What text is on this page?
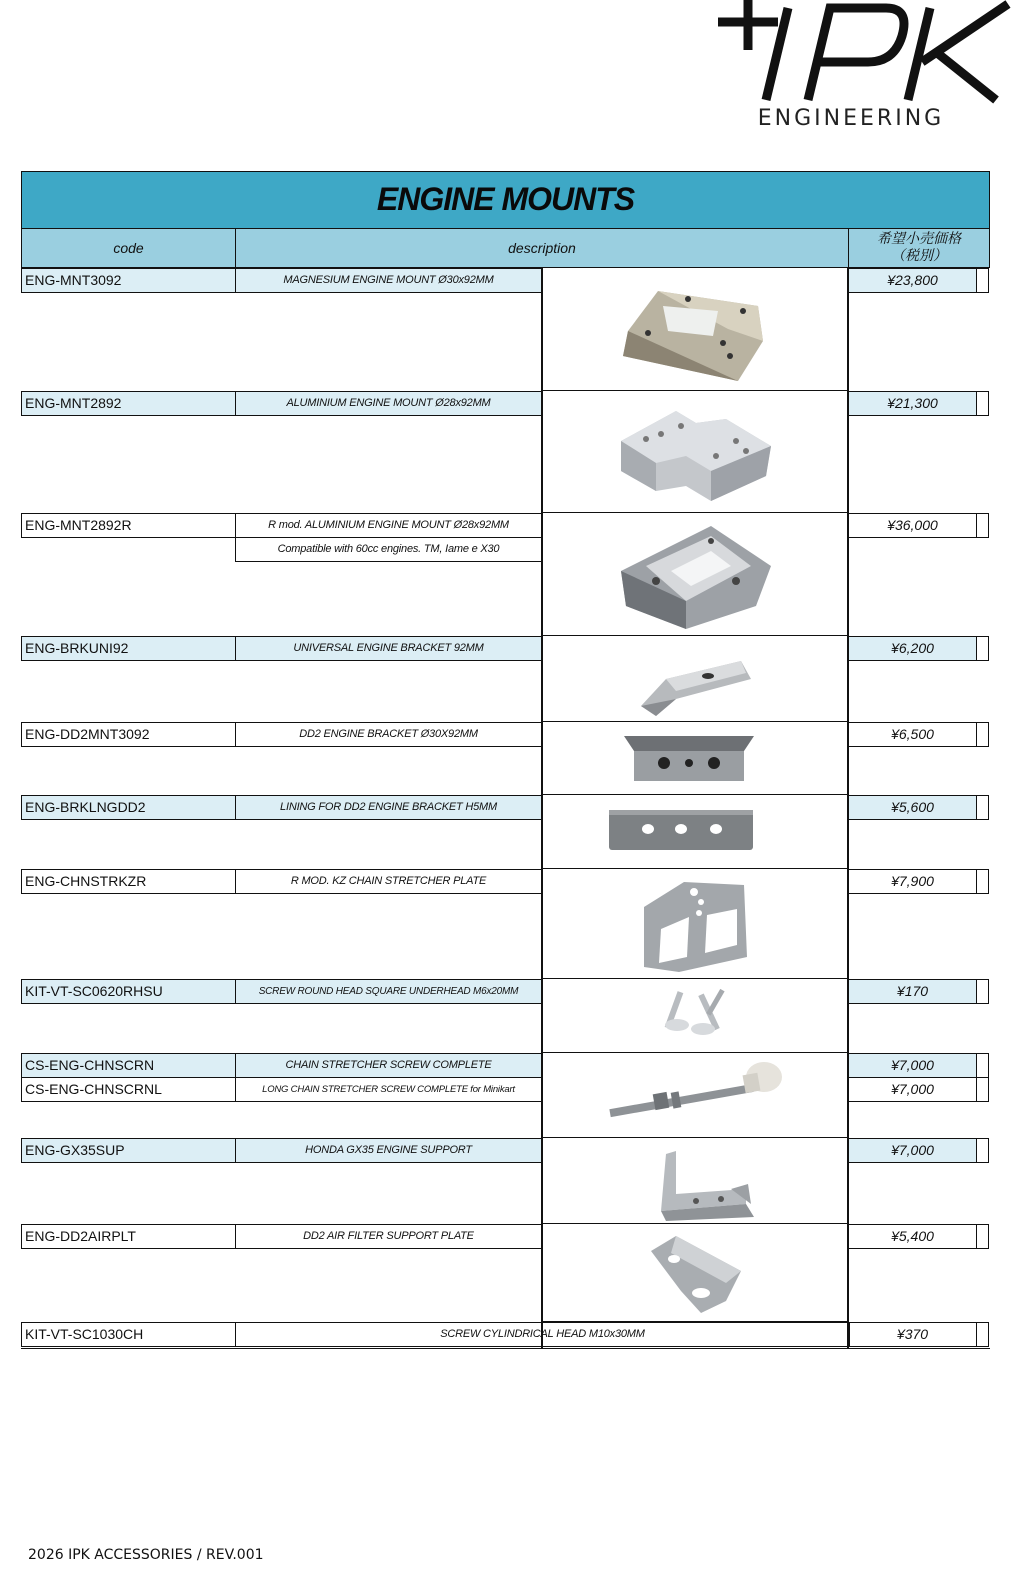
ENGINEERING
ENGINE MOUNTS
code	description
希望小売価格
（税別）
ENG-MNT3092	MAGNESIUM ENGINE MOUNT Ø30x92MM	¥23,800
ENG-MNT2892	ALUMINIUM ENGINE MOUNT Ø28x92MM	¥21,300
ENG-MNT2892R	R mod. ALUMINIUM ENGINE MOUNT Ø28x92MM	¥36,000
Compatible with 60cc engines. TM, Iame e X30
ENG-BRKUNI92	UNIVERSAL ENGINE BRACKET 92MM	¥6,200
ENG-DD2MNT3092	DD2 ENGINE BRACKET Ø30X92MM	¥6,500
ENG-BRKLNGDD2	LINING FOR DD2 ENGINE BRACKET H5MM	¥5,600
ENG-CHNSTRKZR	R MOD. KZ CHAIN STRETCHER PLATE	¥7,900
KIT-VT-SC0620RHSU	SCREW ROUND HEAD SQUARE UNDERHEAD M6x20MM	¥170
CS-ENG-CHNSCRN	CHAIN STRETCHER SCREW COMPLETE	¥7,000
CS-ENG-CHNSCRNL	LONG CHAIN STRETCHER SCREW COMPLETE for Minikart	¥7,000
ENG-GX35SUP	HONDA GX35 ENGINE SUPPORT	¥7,000
ENG-DD2AIRPLT	DD2 AIR FILTER SUPPORT PLATE	¥5,400
KIT-VT-SC1030CH	SCREW CYLINDRICAL HEAD M10x30MM	¥370
2026 IPK ACCESSORIES / REV.001
